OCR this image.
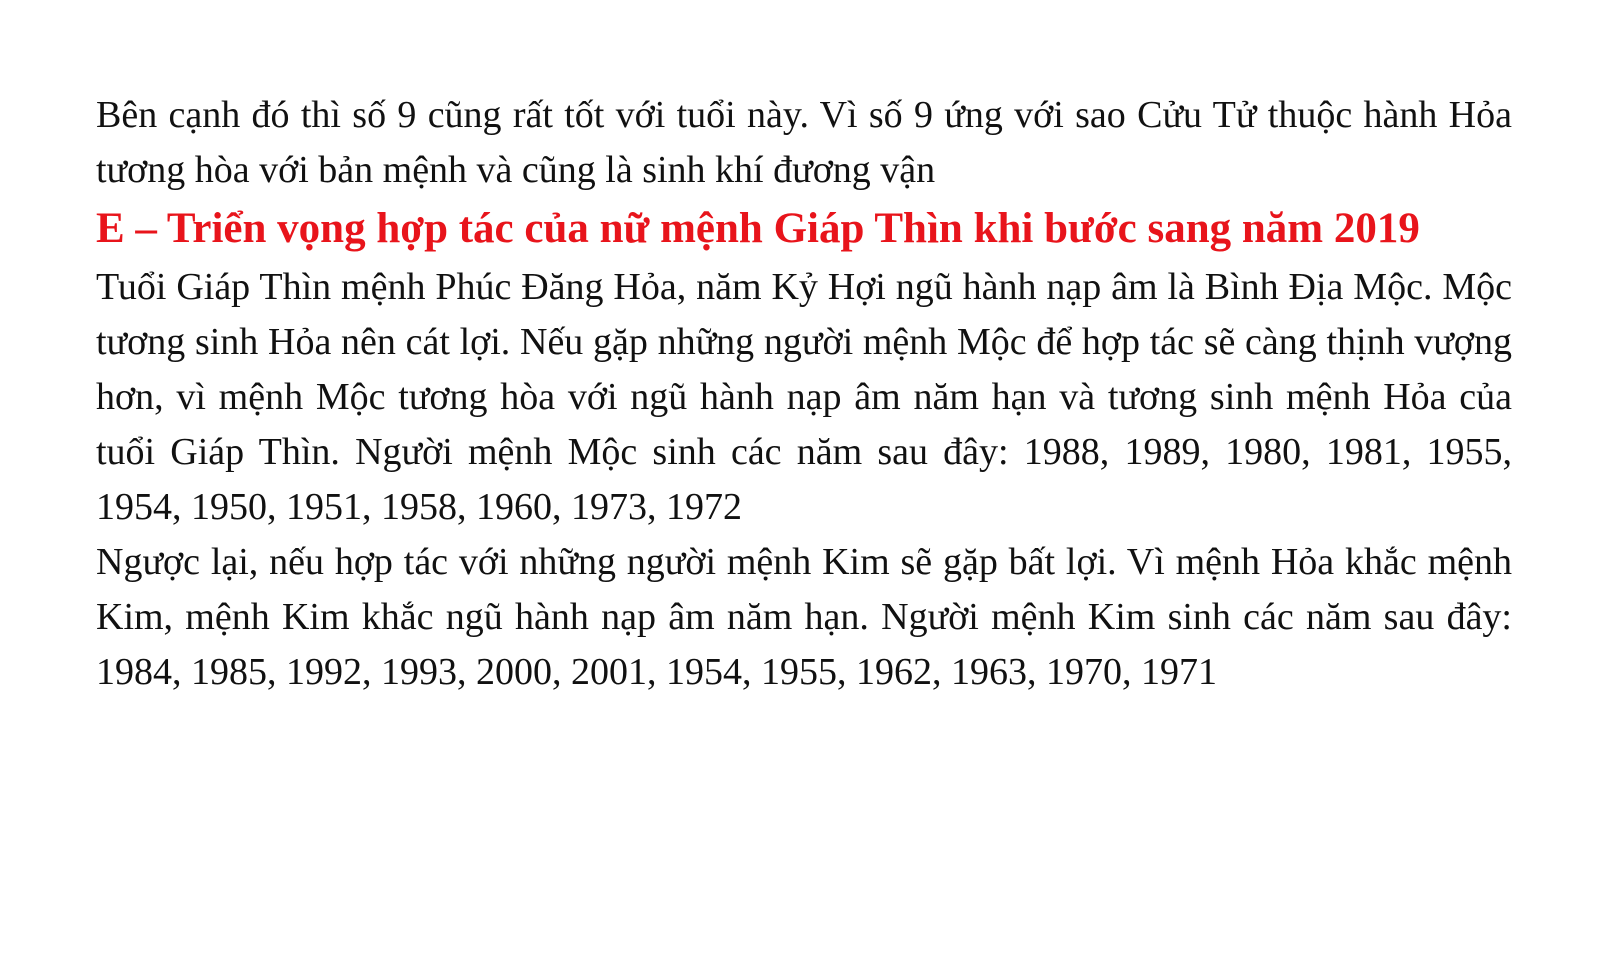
Bên cạnh đó thì số 9 cũng rất tốt với tuổi này. Vì số 9 ứng với sao Cửu Tử thuộc hành Hỏa tương hòa với bản mệnh và cũng là sinh khí đương vận

E – Triển vọng hợp tác của nữ mệnh Giáp Thìn khi bước sang năm 2019

Tuổi Giáp Thìn mệnh Phúc Đăng Hỏa, năm Kỷ Hợi ngũ hành nạp âm là Bình Địa Mộc. Mộc tương sinh Hỏa nên cát lợi. Nếu gặp những người mệnh Mộc để hợp tác sẽ càng thịnh vượng hơn, vì mệnh Mộc tương hòa với ngũ hành nạp âm năm hạn và tương sinh mệnh Hỏa của tuổi Giáp Thìn. Người mệnh Mộc sinh các năm sau đây: 1988, 1989, 1980, 1981, 1955, 1954, 1950, 1951, 1958, 1960, 1973, 1972

Ngược lại, nếu hợp tác với những người mệnh Kim sẽ gặp bất lợi. Vì mệnh Hỏa khắc mệnh Kim, mệnh Kim khắc ngũ hành nạp âm năm hạn. Người mệnh Kim sinh các năm sau đây: 1984, 1985, 1992, 1993, 2000, 2001, 1954, 1955, 1962, 1963, 1970, 1971
